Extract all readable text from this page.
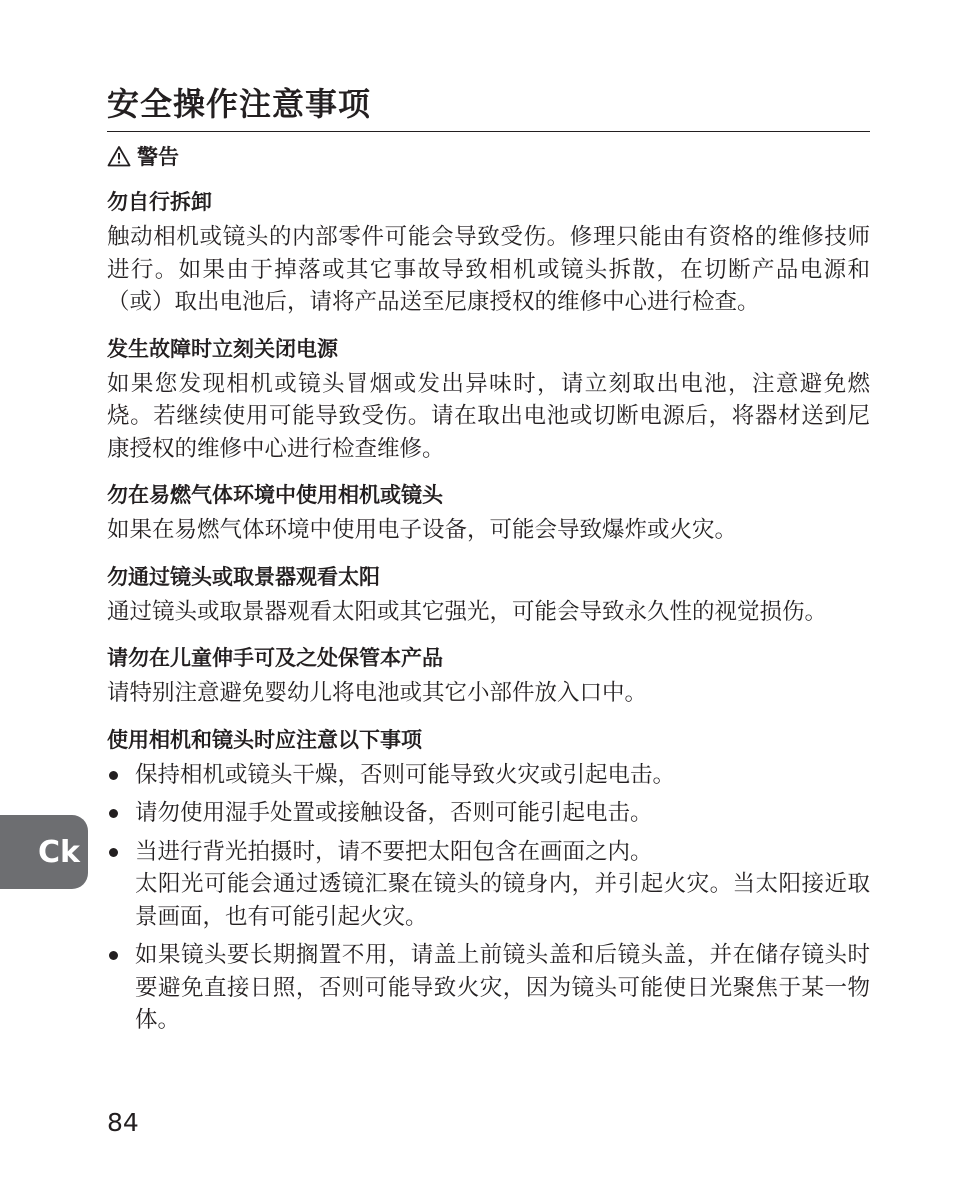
安全操作注意事项
警告
勿自行拆卸

触动相机或镜头的内部零件可能会导致受伤。修理只能由有资格的维修技师进行。如果由于掉落或其它事故导致相机或镜头拆散，在切断产品电源和（或）取出电池后，请将产品送至尼康授权的维修中心进行检查。

发生故障时立刻关闭电源

如果您发现相机或镜头冒烟或发出异味时，请立刻取出电池，注意避免燃烧。若继续使用可能导致受伤。请在取出电池或切断电源后，将器材送到尼康授权的维修中心进行检查维修。

勿在易燃气体环境中使用相机或镜头

如果在易燃气体环境中使用电子设备，可能会导致爆炸或火灾。

勿通过镜头或取景器观看太阳

通过镜头或取景器观看太阳或其它强光，可能会导致永久性的视觉损伤。

请勿在儿童伸手可及之处保管本产品

请特别注意避免婴幼儿将电池或其它小部件放入口中。

使用相机和镜头时应注意以下事项
保持相机或镜头干燥，否则可能导致火灾或引起电击。
请勿使用湿手处置或接触设备，否则可能引起电击。
当进行背光拍摄时，请不要把太阳包含在画面之内。
太阳光可能会通过透镜汇聚在镜头的镜身内，并引起火灾。当太阳接近取景画面，也有可能引起火灾。
如果镜头要长期搁置不用，请盖上前镜头盖和后镜头盖，并在储存镜头时要避免直接日照，否则可能导致火灾，因为镜头可能使日光聚焦于某一物体。
Ck
84
